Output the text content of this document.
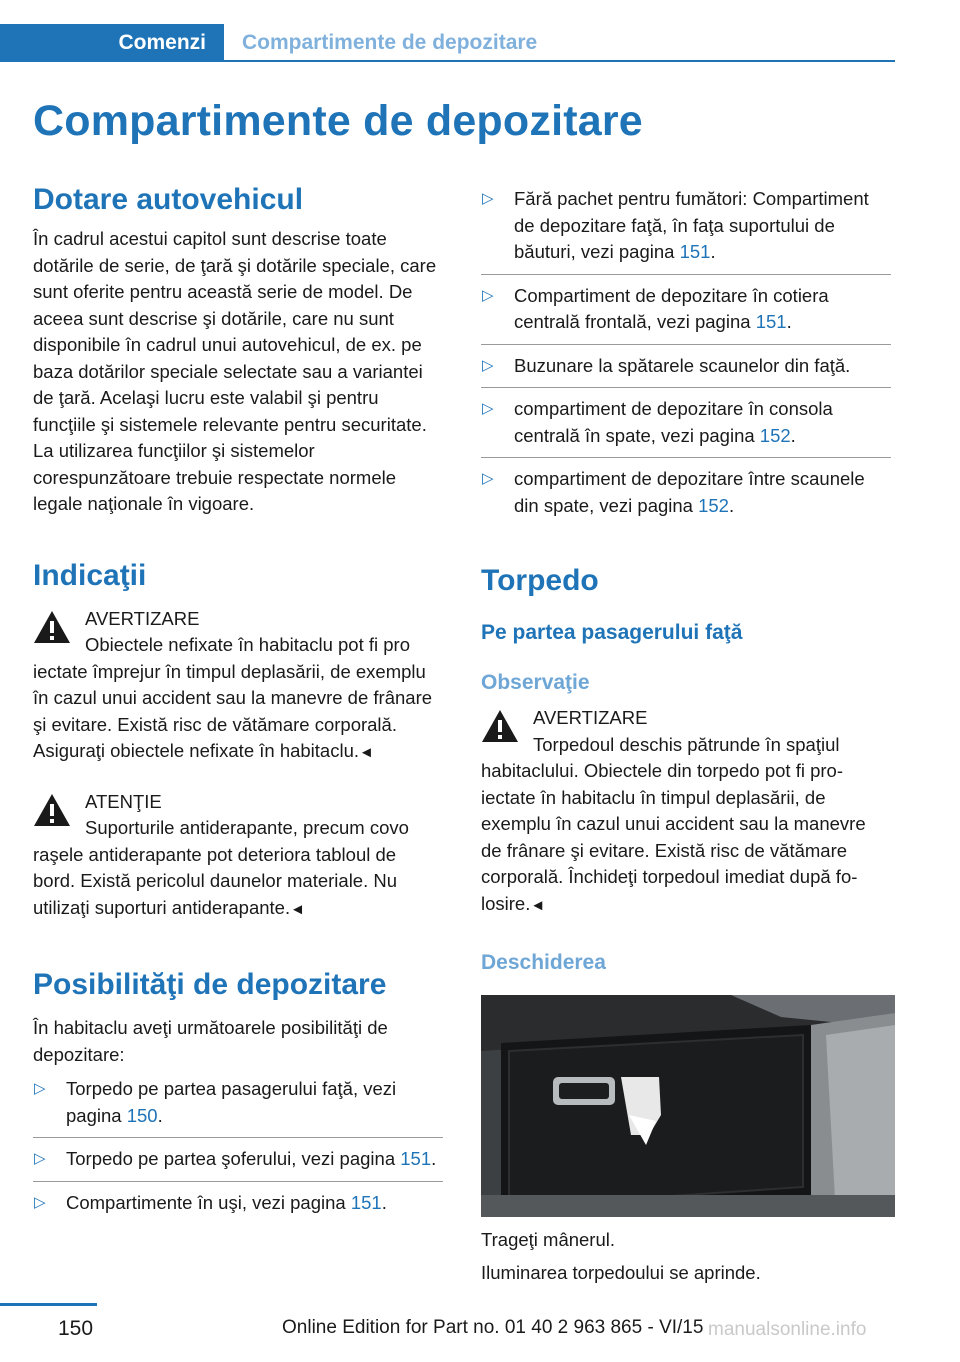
Comenzi	Compartimente de depozitare
Compartimente de depozitare
Dotare autovehicul

În cadrul acestui capitol sunt descrise toate dotările de serie, de ţară şi dotările speciale, care sunt oferite pentru această serie de model. De aceea sunt descrise şi dotările, care nu sunt disponibile în cadrul unui autovehicul, de ex. pe baza dotărilor speciale selectate sau a variantei de ţară. Acelaşi lucru este valabil şi pentru funcţiile şi sistemele relevante pentru securitate. La utilizarea funcţiilor şi sistemelor corespunzătoare trebuie respectate normele legale naţionale în vigoare.

Indicaţii
AVERTIZARE
Obiectele nefixate în habitaclu pot fi pro
iectate împrejur în timpul deplasării, de exemplu în cazul unui accident sau la manevre de frânare şi evitare. Există risc de vătămare corporală. Asiguraţi obiectele nefixate în habitaclu.◄
ATENŢIE
Suporturile antiderapante, precum covo
raşele antiderapante pot deteriora tabloul de bord. Există pericolul daunelor materiale. Nu utilizaţi suporturi antiderapante.◄
Posibilităţi de depozitare

În habitaclu aveţi următoarele posibilităţi de depozitare:

▷ Torpedo pe partea pasagerului faţă, vezi pagina 150.
▷ Torpedo pe partea şoferului, vezi pagina 151.
▷ Compartimente în uşi, vezi pagina 151.
▷ Fără pachet pentru fumători: Compartiment de depozitare faţă, în faţa suportului de băuturi, vezi pagina 151.
▷ Compartiment de depozitare în cotiera centrală frontală, vezi pagina 151.
▷ Buzunare la spătarele scaunelor din faţă.
▷ compartiment de depozitare în consola centrală în spate, vezi pagina 152.
▷ compartiment de depozitare între scaunele din spate, vezi pagina 152.
Torpedo
Pe partea pasagerului faţă
Observaţie
AVERTIZARE
Torpedoul deschis pătrunde în spaţiul
habitaclului. Obiectele din torpedo pot fi proiectate în habitaclu în timpul deplasării, de exemplu în cazul unui accident sau la manevre de frânare şi evitare. Există risc de vătămare corporală. Închideţi torpedoul imediat după folosire.◄
Deschiderea

Trageţi mânerul.

Iluminarea torpedoului se aprinde.

150	Online Edition for Part no. 01 40 2 963 865 - VI/15 manualsonline.info
